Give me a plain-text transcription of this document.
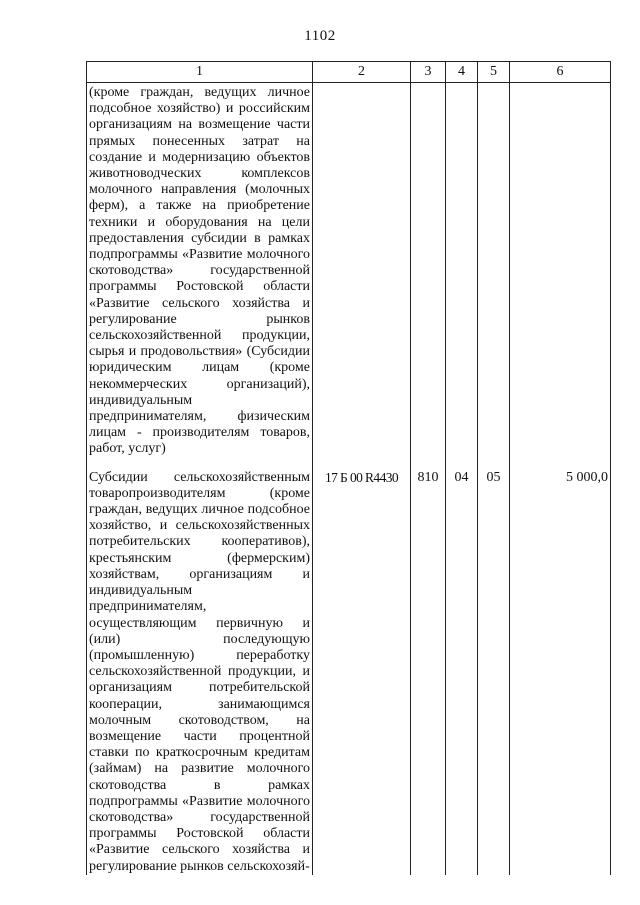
1102
1	2	3	4	5	6

(кроме граждан, ведущих личное подсобное хозяйство) и российским организациям на возмещение части прямых понесенных затрат на создание и модернизацию объектов животноводческих комплексов молочного направления (молочных ферм), а также на приобретение техники и оборудования на цели предоставления субсидии в рамках подпрограммы «Развитие молочного скотоводства» государственной программы Ростовской области «Развитие сельского хозяйства и регулирование рынков сельскохозяйственной продукции, сырья и продовольствия» (Субсидии юридическим лицам (кроме некоммерческих организаций), индивидуальным предпринимателям, физическим лицам - производителям товаров, работ, услуг)					

Субсидии сельскохозяйственным товаропроизводителям (кроме граждан, ведущих личное подсобное хозяйство, и сельскохозяйственных потребительских кооперативов), крестьянским (фермерским) хозяйствам, организациям и индивидуальным предпринимателям, осуществляющим первичную и (или) последующую (промышленную) переработку сельскохозяйственной продукции, и организациям потребительской кооперации, занимающимся молочным скотоводством, на возмещение части процентной ставки по краткосрочным кредитам (займам) на развитие молочного скотоводства в рамках подпрограммы «Развитие молочного скотоводства» государственной программы Ростовской области «Развитие сельского хозяйства и регулирование рынков сельскохозяй-	17 Б 00 R4430	810	04	05	5 000,0
